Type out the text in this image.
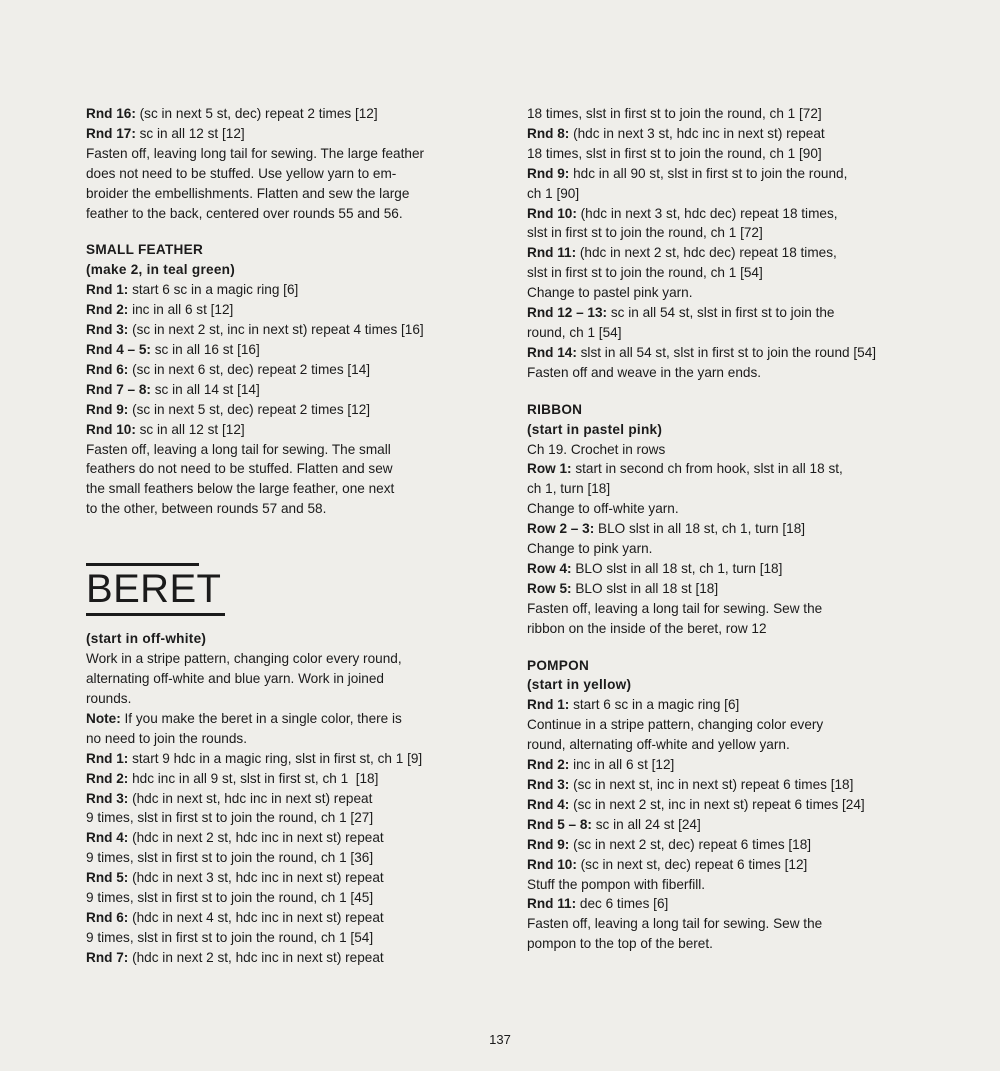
Rnd 16: (sc in next 5 st, dec) repeat 2 times [12]

Rnd 17: sc in all 12 st [12]

Fasten off, leaving long tail for sewing. The large feather

does not need to be stuffed. Use yellow yarn to em-

broider the embellishments. Flatten and sew the large

feather to the back, centered over rounds 55 and 56.

SMALL FEATHER

(make 2, in teal green)

Rnd 1: start 6 sc in a magic ring [6]

Rnd 2: inc in all 6 st [12]

Rnd 3: (sc in next 2 st, inc in next st) repeat 4 times [16]

Rnd 4 – 5: sc in all 16 st [16]

Rnd 6: (sc in next 6 st, dec) repeat 2 times [14]

Rnd 7 – 8: sc in all 14 st [14]

Rnd 9: (sc in next 5 st, dec) repeat 2 times [12]

Rnd 10: sc in all 12 st [12]

Fasten off, leaving a long tail for sewing. The small

feathers do not need to be stuffed. Flatten and sew

the small feathers below the large feather, one next

to the other, between rounds 57 and 58.

BERET

(start in off-white)

Work in a stripe pattern, changing color every round,

alternating off-white and blue yarn. Work in joined

rounds.

Note: If you make the beret in a single color, there is

no need to join the rounds.

Rnd 1: start 9 hdc in a magic ring, slst in first st, ch 1 [9]

Rnd 2: hdc inc in all 9 st, slst in first st, ch 1  [18]

Rnd 3: (hdc in next st, hdc inc in next st) repeat

9 times, slst in first st to join the round, ch 1 [27]

Rnd 4: (hdc in next 2 st, hdc inc in next st) repeat

9 times, slst in first st to join the round, ch 1 [36]

Rnd 5: (hdc in next 3 st, hdc inc in next st) repeat

9 times, slst in first st to join the round, ch 1 [45]

Rnd 6: (hdc in next 4 st, hdc inc in next st) repeat

9 times, slst in first st to join the round, ch 1 [54]

Rnd 7: (hdc in next 2 st, hdc inc in next st) repeat

18 times, slst in first st to join the round, ch 1 [72]

Rnd 8: (hdc in next 3 st, hdc inc in next st) repeat

18 times, slst in first st to join the round, ch 1 [90]

Rnd 9: hdc in all 90 st, slst in first st to join the round,

ch 1 [90]

Rnd 10: (hdc in next 3 st, hdc dec) repeat 18 times,

slst in first st to join the round, ch 1 [72]

Rnd 11: (hdc in next 2 st, hdc dec) repeat 18 times,

slst in first st to join the round, ch 1 [54]

Change to pastel pink yarn.

Rnd 12 – 13: sc in all 54 st, slst in first st to join the

round, ch 1 [54]

Rnd 14: slst in all 54 st, slst in first st to join the round [54]

Fasten off and weave in the yarn ends.

RIBBON

(start in pastel pink)

Ch 19. Crochet in rows

Row 1: start in second ch from hook, slst in all 18 st,

ch 1, turn [18]

Change to off-white yarn.

Row 2 – 3: BLO slst in all 18 st, ch 1, turn [18]

Change to pink yarn.

Row 4: BLO slst in all 18 st, ch 1, turn [18]

Row 5: BLO slst in all 18 st [18]

Fasten off, leaving a long tail for sewing. Sew the

ribbon on the inside of the beret, row 12

POMPON

(start in yellow)

Rnd 1: start 6 sc in a magic ring [6]

Continue in a stripe pattern, changing color every

round, alternating off-white and yellow yarn.

Rnd 2: inc in all 6 st [12]

Rnd 3: (sc in next st, inc in next st) repeat 6 times [18]

Rnd 4: (sc in next 2 st, inc in next st) repeat 6 times [24]

Rnd 5 – 8: sc in all 24 st [24]

Rnd 9: (sc in next 2 st, dec) repeat 6 times [18]

Rnd 10: (sc in next st, dec) repeat 6 times [12]

Stuff the pompon with fiberfill.

Rnd 11: dec 6 times [6]

Fasten off, leaving a long tail for sewing. Sew the

pompon to the top of the beret.

137
